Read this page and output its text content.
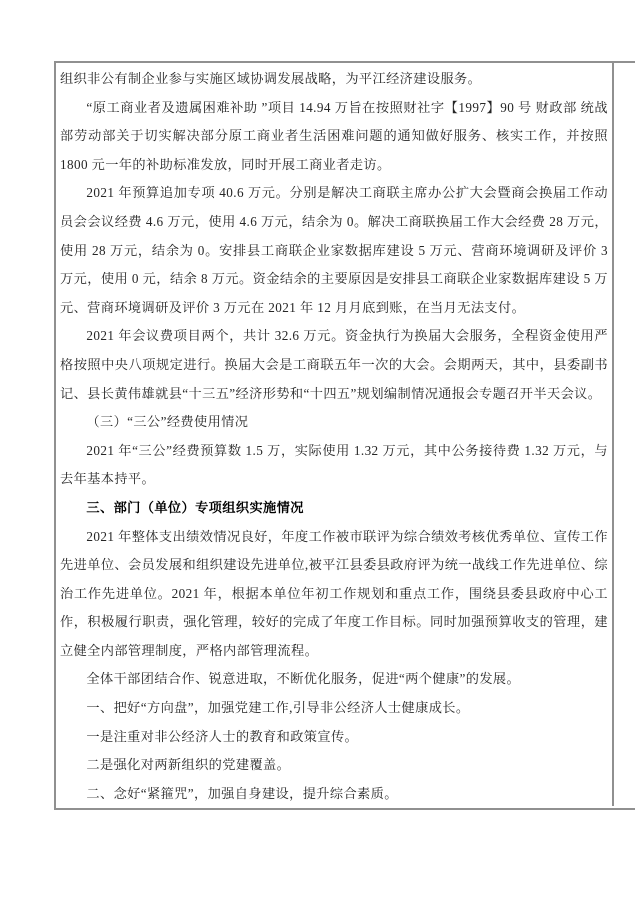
组织非公有制企业参与实施区域协调发展战略，为平江经济建设服务。

“原工商业者及遗属困难补助 ”项目 14.94 万旨在按照财社字【1997】90 号 财政部 统战部劳动部关于切实解决部分原工商业者生活困难问题的通知做好服务、核实工作，并按照 1800 元一年的补助标准发放，同时开展工商业者走访。

2021 年预算追加专项 40.6 万元。分别是解决工商联主席办公扩大会暨商会换届工作动员会会议经费 4.6 万元，使用 4.6 万元，结余为 0。解决工商联换届工作大会经费 28 万元，使用 28 万元，结余为 0。安排县工商联企业家数据库建设 5 万元、营商环境调研及评价 3 万元，使用 0 元，结余 8 万元。资金结余的主要原因是安排县工商联企业家数据库建设 5 万元、营商环境调研及评价 3 万元在 2021 年 12 月月底到账，在当月无法支付。

2021 年会议费项目两个，共计 32.6 万元。资金执行为换届大会服务，全程资金使用严格按照中央八项规定进行。换届大会是工商联五年一次的大会。会期两天，其中，县委副书记、县长黄伟雄就县“十三五”经济形势和“十四五”规划编制情况通报会专题召开半天会议。

（三）“三公”经费使用情况

2021 年“三公”经费预算数 1.5 万，实际使用 1.32 万元，其中公务接待费 1.32 万元，与去年基本持平。

三、部门（单位）专项组织实施情况

2021 年整体支出绩效情况良好，年度工作被市联评为综合绩效考核优秀单位、宣传工作先进单位、会员发展和组织建设先进单位,被平江县委县政府评为统一战线工作先进单位、综治工作先进单位。2021 年，根据本单位年初工作规划和重点工作，围绕县委县政府中心工作，积极履行职责，强化管理，较好的完成了年度工作目标。同时加强预算收支的管理，建立健全内部管理制度，严格内部管理流程。

全体干部团结合作、锐意进取，不断优化服务，促进“两个健康”的发展。

一、把好“方向盘”，加强党建工作,引导非公经济人士健康成长。

一是注重对非公经济人士的教育和政策宣传。

二是强化对两新组织的党建覆盖。

二、念好“紧箍咒”，加强自身建设，提升综合素质。
